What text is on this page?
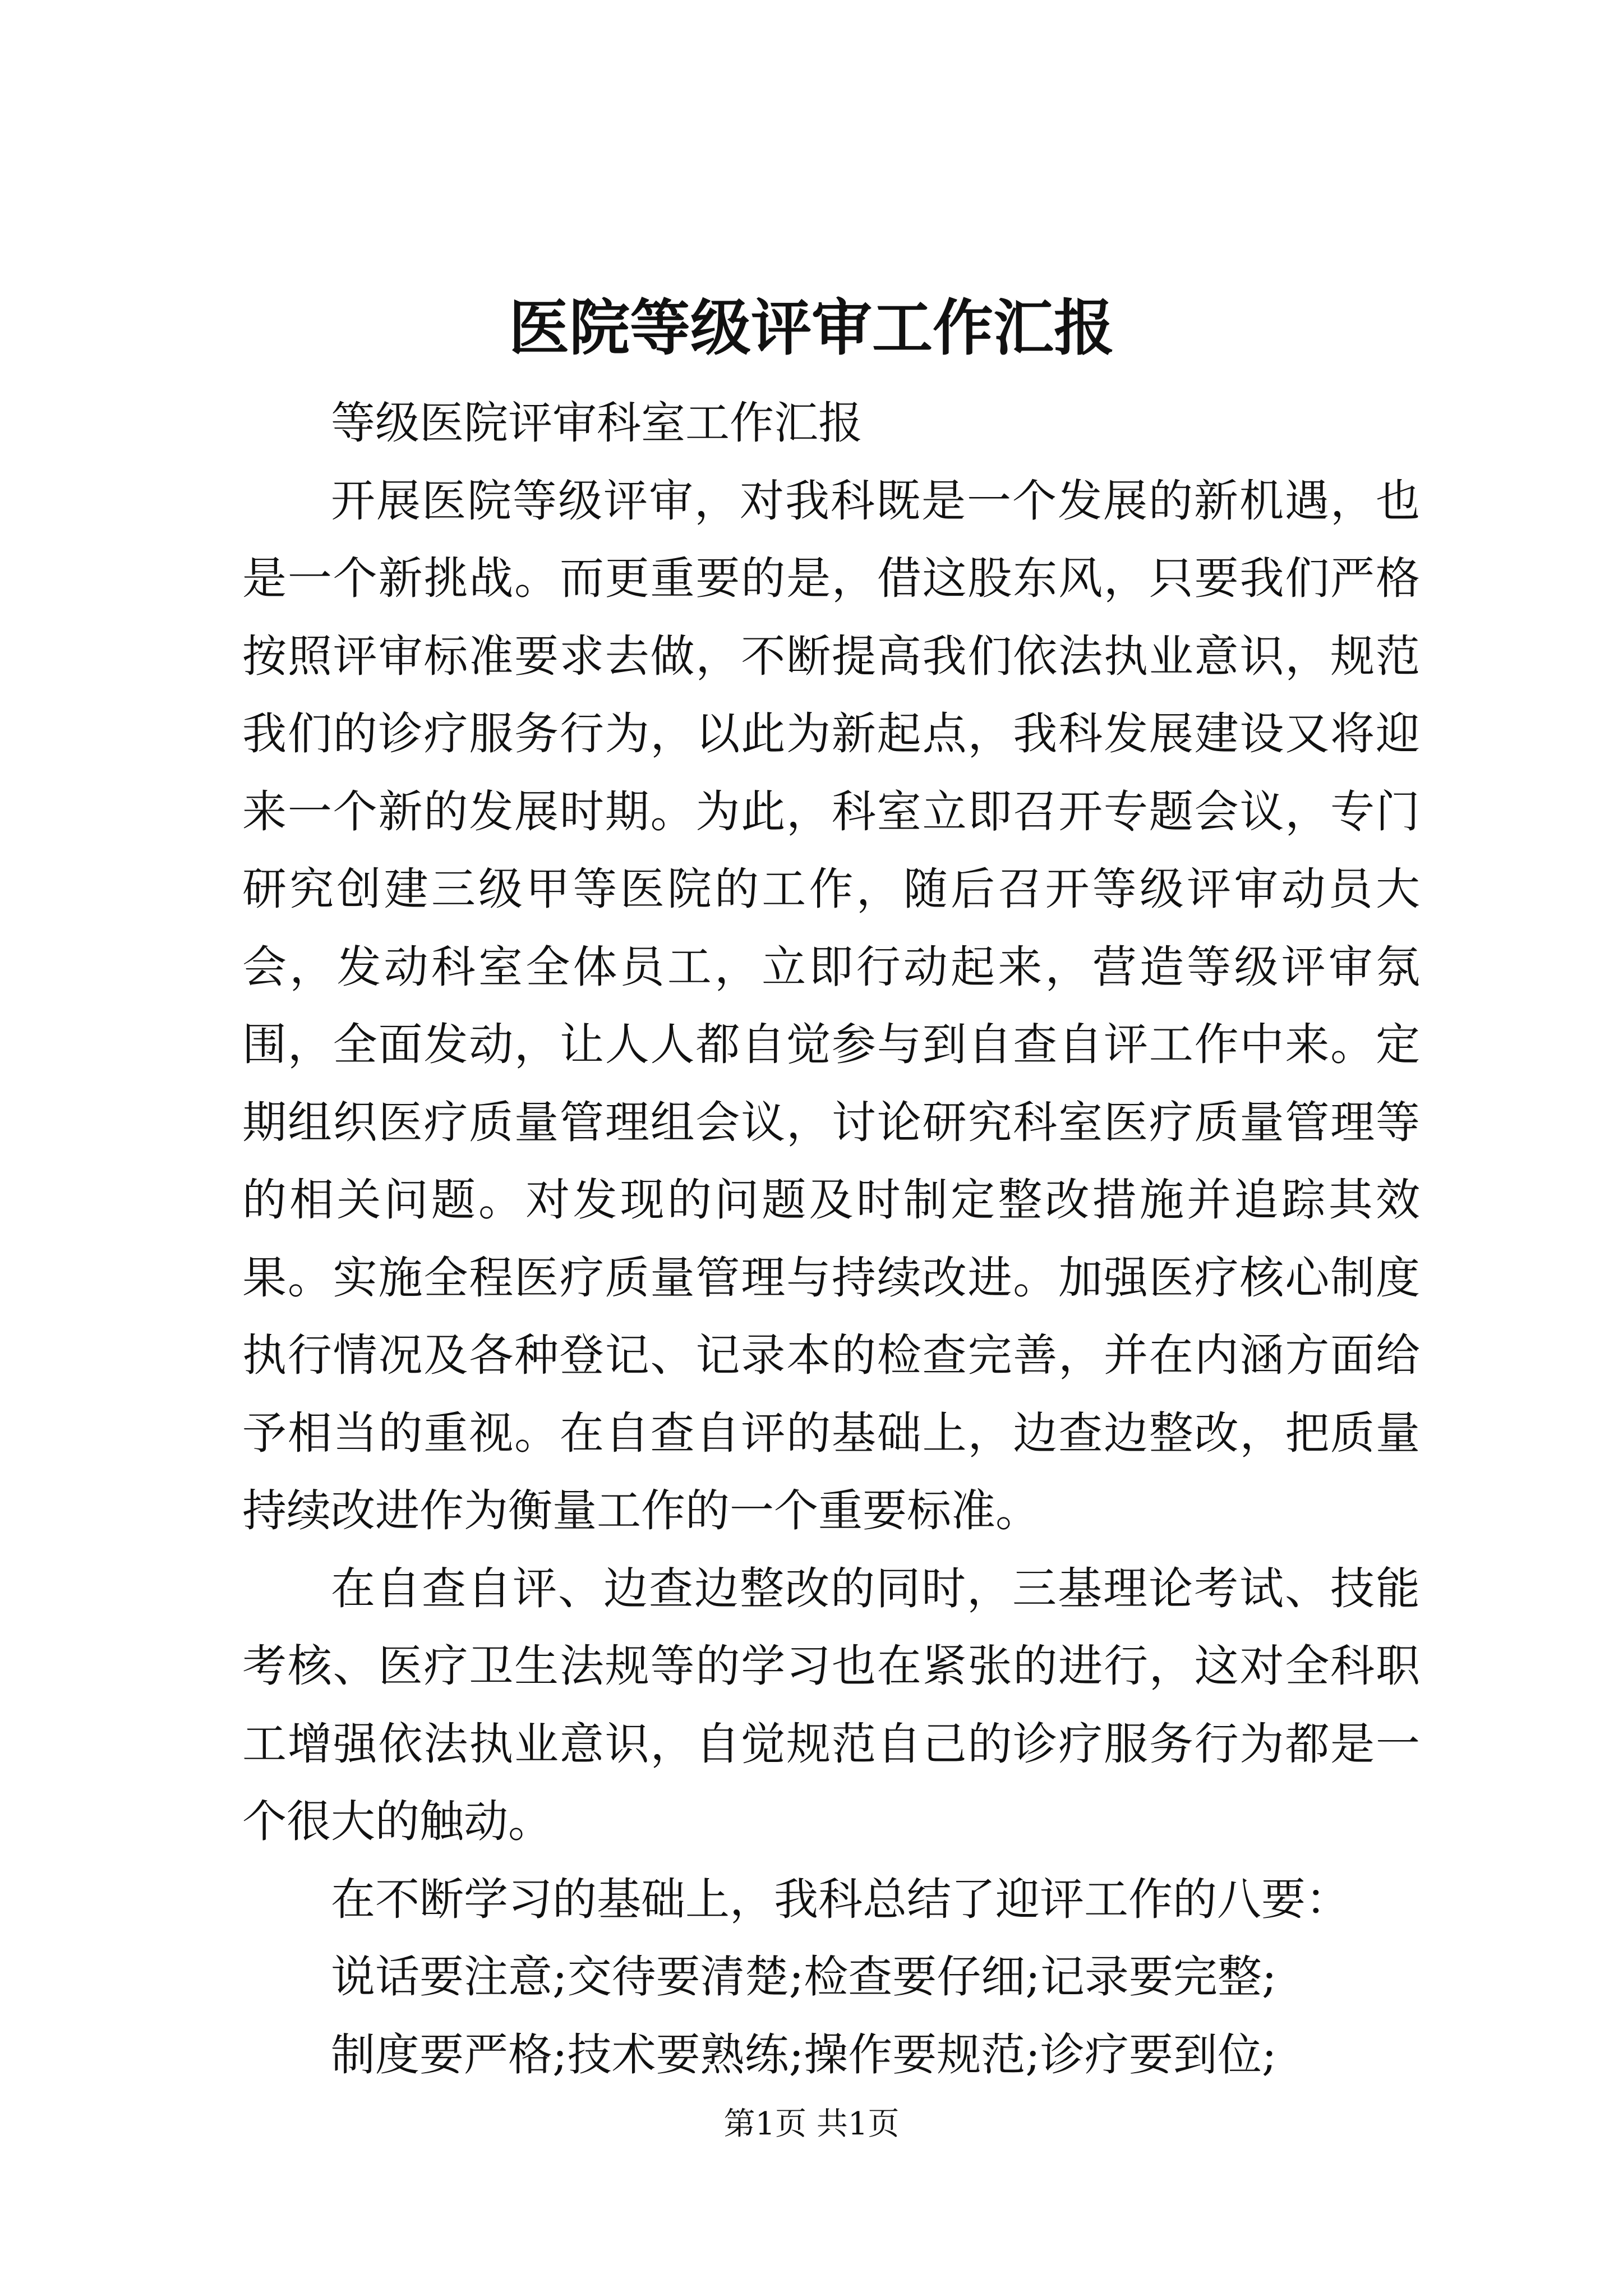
医院等级评审工作汇报

等级医院评审科室工作汇报

开展医院等级评审，对我科既是一个发展的新机遇，也是一个新挑战。而更重要的是，借这股东风，只要我们严格按照评审标准要求去做，不断提高我们依法执业意识，规范我们的诊疗服务行为，以此为新起点，我科发展建设又将迎来一个新的发展时期。为此，科室立即召开专题会议，专门研究创建三级甲等医院的工作，随后召开等级评审动员大会，发动科室全体员工，立即行动起来，营造等级评审氛围，全面发动，让人人都自觉参与到自查自评工作中来。定期组织医疗质量管理组会议，讨论研究科室医疗质量管理等的相关问题。对发现的问题及时制定整改措施并追踪其效果。实施全程医疗质量管理与持续改进。加强医疗核心制度执行情况及各种登记、记录本的检查完善，并在内涵方面给予相当的重视。在自查自评的基础上，边查边整改，把质量持续改进作为衡量工作的一个重要标准。

在自查自评、边查边整改的同时，三基理论考试、技能考核、医疗卫生法规等的学习也在紧张的进行，这对全科职工增强依法执业意识，自觉规范自己的诊疗服务行为都是一个很大的触动。

在不断学习的基础上，我科总结了迎评工作的八要：

说话要注意;交待要清楚;检查要仔细;记录要完整;

制度要严格;技术要熟练;操作要规范;诊疗要到位;

第1页 共1页
